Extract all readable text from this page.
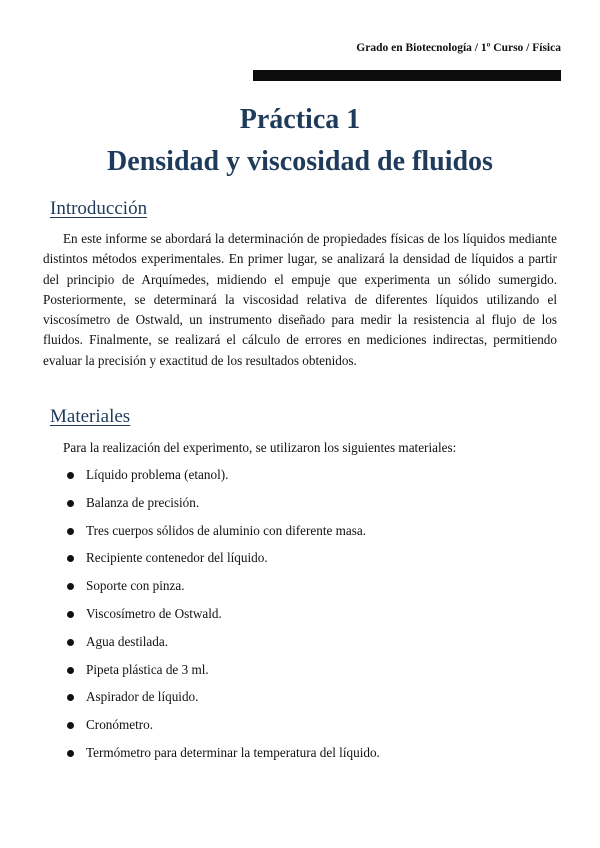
Grado en Biotecnología / 1º Curso / Física
Práctica 1
Densidad y viscosidad de fluidos
Introducción

En este informe se abordará la determinación de propiedades físicas de los líquidos mediante distintos métodos experimentales. En primer lugar, se analizará la densidad de líquidos a partir del principio de Arquímedes, midiendo el empuje que experimenta un sólido sumergido. Posteriormente, se determinará la viscosidad relativa de diferentes líquidos utilizando el viscosímetro de Ostwald, un instrumento diseñado para medir la resistencia al flujo de los fluidos. Finalmente, se realizará el cálculo de errores en mediciones indirectas, permitiendo evaluar la precisión y exactitud de los resultados obtenidos.

Materiales

Para la realización del experimento, se utilizaron los siguientes materiales:

Líquido problema (etanol).
Balanza de precisión.
Tres cuerpos sólidos de aluminio con diferente masa.
Recipiente contenedor del líquido.
Soporte con pinza.
Viscosímetro de Ostwald.
Agua destilada.
Pipeta plástica de 3 ml.
Aspirador de líquido.
Cronómetro.
Termómetro para determinar la temperatura del líquido.
